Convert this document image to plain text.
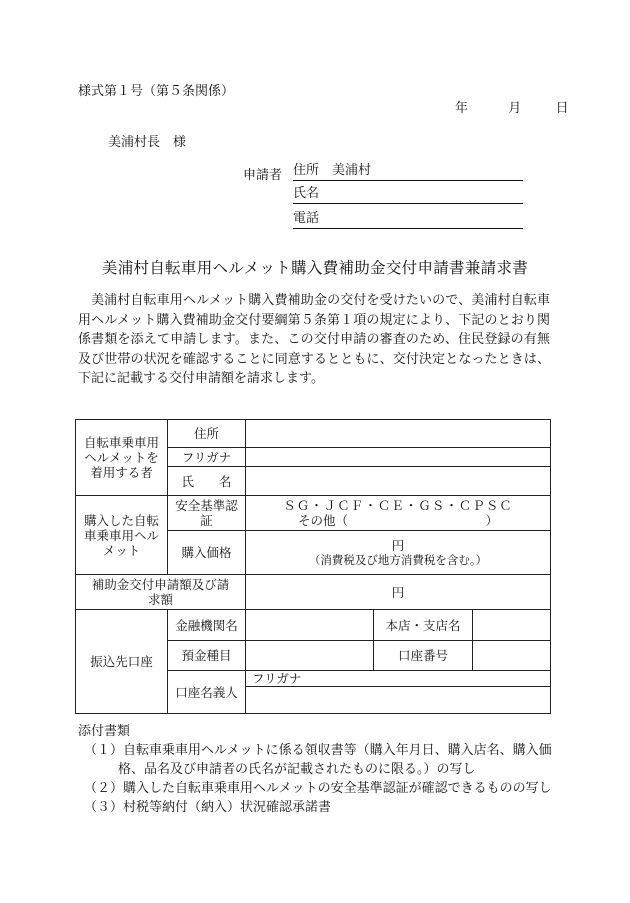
様式第１号（第５条関係）
年	月	日
美浦村長　様
申請者 住所　美浦村
氏名
電話
美浦村自転車用ヘルメット購入費補助金交付申請書兼請求書
美浦村自転車用ヘルメット購入費補助金の交付を受けたいので、美浦村自転車用ヘルメット購入費補助金交付要綱第５条第１項の規定により、下記のとおり関係書類を添えて申請します。また、この交付申請の審査のため、住民登録の有無及び世帯の状況を確認することに同意するとともに、交付決定となったときは、下記に記載する交付申請額を請求します。
自転車乗車用ヘルメットを着用する者	住所			
	フリガナ			
	氏　　名			
購入した自転車乗車用ヘルメット	安全基準認証	ＳＧ・ＪＣＦ・ＣＥ・ＧＳ・ＣＰＳＣ
その他（　　　　　　　　　　　）		

	購入価格	円
（消費税及び地方消費税を含む。）		

補助金交付申請額及び請求額		円		
振込先口座	金融機関名		本店・支店名	
	預金種目		口座番号	
	口座名義人	フリガナ		

添付書類
（１）自転車乗車用ヘルメットに係る領収書等（購入年月日、購入店名、購入価格、品名及び申請者の氏名が記載されたものに限る。）の写し
（２）購入した自転車乗車用ヘルメットの安全基準認証が確認できるものの写し
（３）村税等納付（納入）状況確認承諾書
